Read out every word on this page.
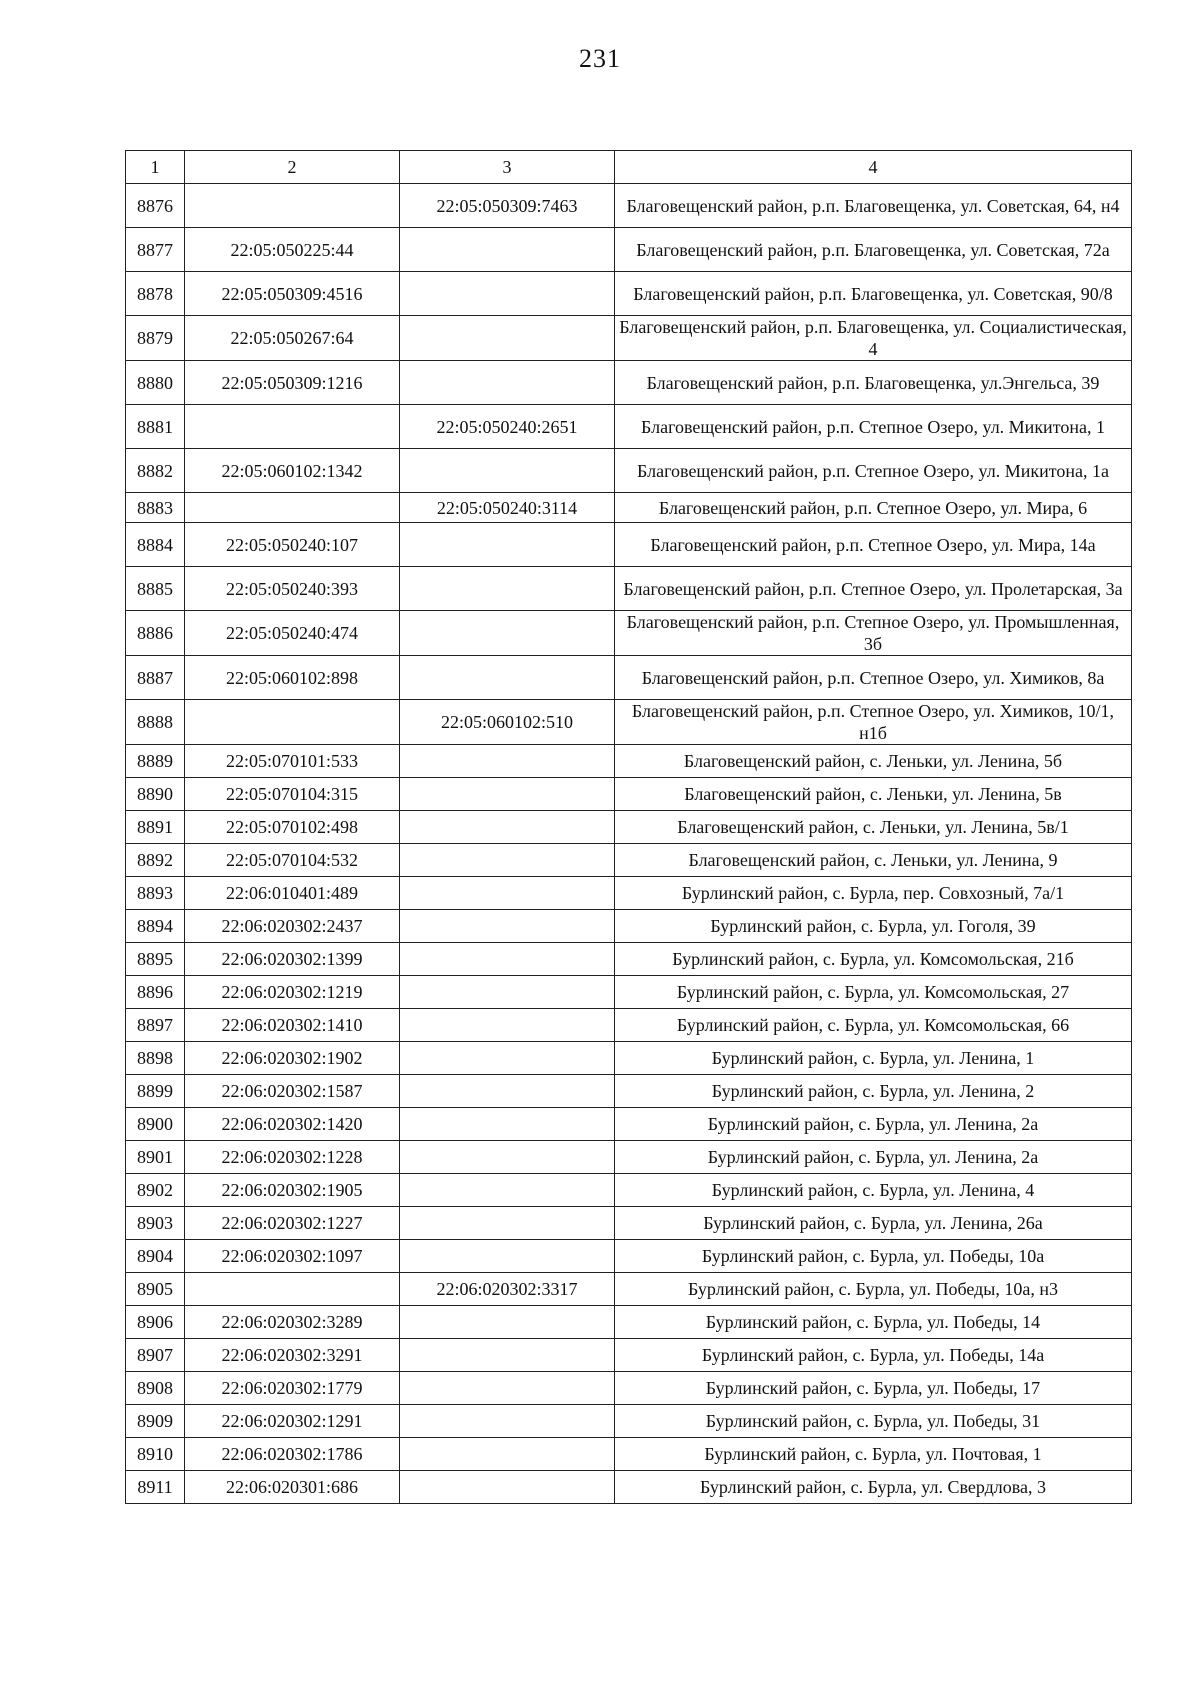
231
1	2	3	4
8876		22:05:050309:7463	Благовещенский район, р.п. Благовещенка, ул. Советская, 64, н4
8877	22:05:050225:44		Благовещенский район, р.п. Благовещенка, ул. Советская, 72а
8878	22:05:050309:4516		Благовещенский район, р.п. Благовещенка, ул. Советская, 90/8
8879	22:05:050267:64		Благовещенский район, р.п. Благовещенка, ул. Социалистическая, 4
8880	22:05:050309:1216		Благовещенский район, р.п. Благовещенка, ул.Энгельса, 39
8881		22:05:050240:2651	Благовещенский район, р.п. Степное Озеро, ул. Микитона, 1
8882	22:05:060102:1342		Благовещенский район, р.п. Степное Озеро, ул. Микитона, 1а
8883		22:05:050240:3114	Благовещенский район, р.п. Степное Озеро, ул. Мира, 6
8884	22:05:050240:107		Благовещенский район, р.п. Степное Озеро, ул. Мира, 14а
8885	22:05:050240:393		Благовещенский район, р.п. Степное Озеро, ул. Пролетарская, 3а
8886	22:05:050240:474		Благовещенский район, р.п. Степное Озеро, ул. Промышленная, 3б
8887	22:05:060102:898		Благовещенский район, р.п. Степное Озеро, ул. Химиков, 8а
8888		22:05:060102:510	Благовещенский район, р.п. Степное Озеро, ул. Химиков, 10/1, н1б
8889	22:05:070101:533		Благовещенский район, с. Леньки, ул. Ленина, 5б
8890	22:05:070104:315		Благовещенский район, с. Леньки, ул. Ленина, 5в
8891	22:05:070102:498		Благовещенский район, с. Леньки, ул. Ленина, 5в/1
8892	22:05:070104:532		Благовещенский район, с. Леньки, ул. Ленина, 9
8893	22:06:010401:489		Бурлинский район, с. Бурла, пер. Совхозный, 7а/1
8894	22:06:020302:2437		Бурлинский район, с. Бурла, ул. Гоголя, 39
8895	22:06:020302:1399		Бурлинский район, с. Бурла, ул. Комсомольская, 21б
8896	22:06:020302:1219		Бурлинский район, с. Бурла, ул. Комсомольская, 27
8897	22:06:020302:1410		Бурлинский район, с. Бурла, ул. Комсомольская, 66
8898	22:06:020302:1902		Бурлинский район, с. Бурла, ул. Ленина, 1
8899	22:06:020302:1587		Бурлинский район, с. Бурла, ул. Ленина, 2
8900	22:06:020302:1420		Бурлинский район, с. Бурла, ул. Ленина, 2а
8901	22:06:020302:1228		Бурлинский район, с. Бурла, ул. Ленина, 2а
8902	22:06:020302:1905		Бурлинский район, с. Бурла, ул. Ленина, 4
8903	22:06:020302:1227		Бурлинский район, с. Бурла, ул. Ленина, 26а
8904	22:06:020302:1097		Бурлинский район, с. Бурла, ул. Победы, 10а
8905		22:06:020302:3317	Бурлинский район, с. Бурла, ул. Победы, 10а, н3
8906	22:06:020302:3289		Бурлинский район, с. Бурла, ул. Победы, 14
8907	22:06:020302:3291		Бурлинский район, с. Бурла, ул. Победы, 14а
8908	22:06:020302:1779		Бурлинский район, с. Бурла, ул. Победы, 17
8909	22:06:020302:1291		Бурлинский район, с. Бурла, ул. Победы, 31
8910	22:06:020302:1786		Бурлинский район, с. Бурла, ул. Почтовая, 1
8911	22:06:020301:686		Бурлинский район, с. Бурла, ул. Свердлова, 3
